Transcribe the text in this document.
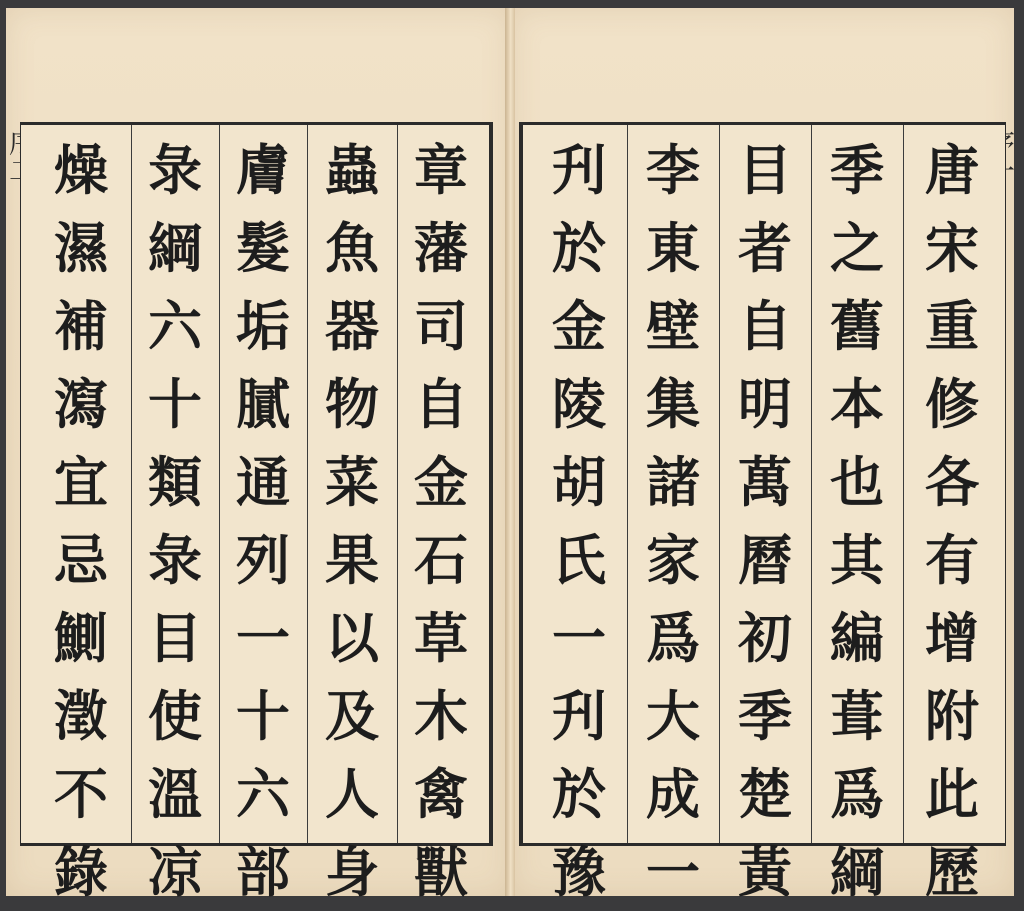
燥
濕
補
瀉
宜
忌
鰂
澂
不
錄
彔
綱
六
十
類
彔
目
使
溫
凉
膚
髮
垢
膩
通
列
一
十
六
部
蟲
魚
器
物
菜
果
以
及
人
身
章
藩
司
自
金
石
草
木
禽
獸
刋
於
金
陵
胡
氏
一
刋
於
豫
李
東
壁
集
諸
家
爲
大
成
一
目
者
自
明
萬
曆
初
季
楚
黃
季
之
舊
本
也
其
編
葺
爲
綱
唐
宋
重
修
各
有
增
附
此
歷
